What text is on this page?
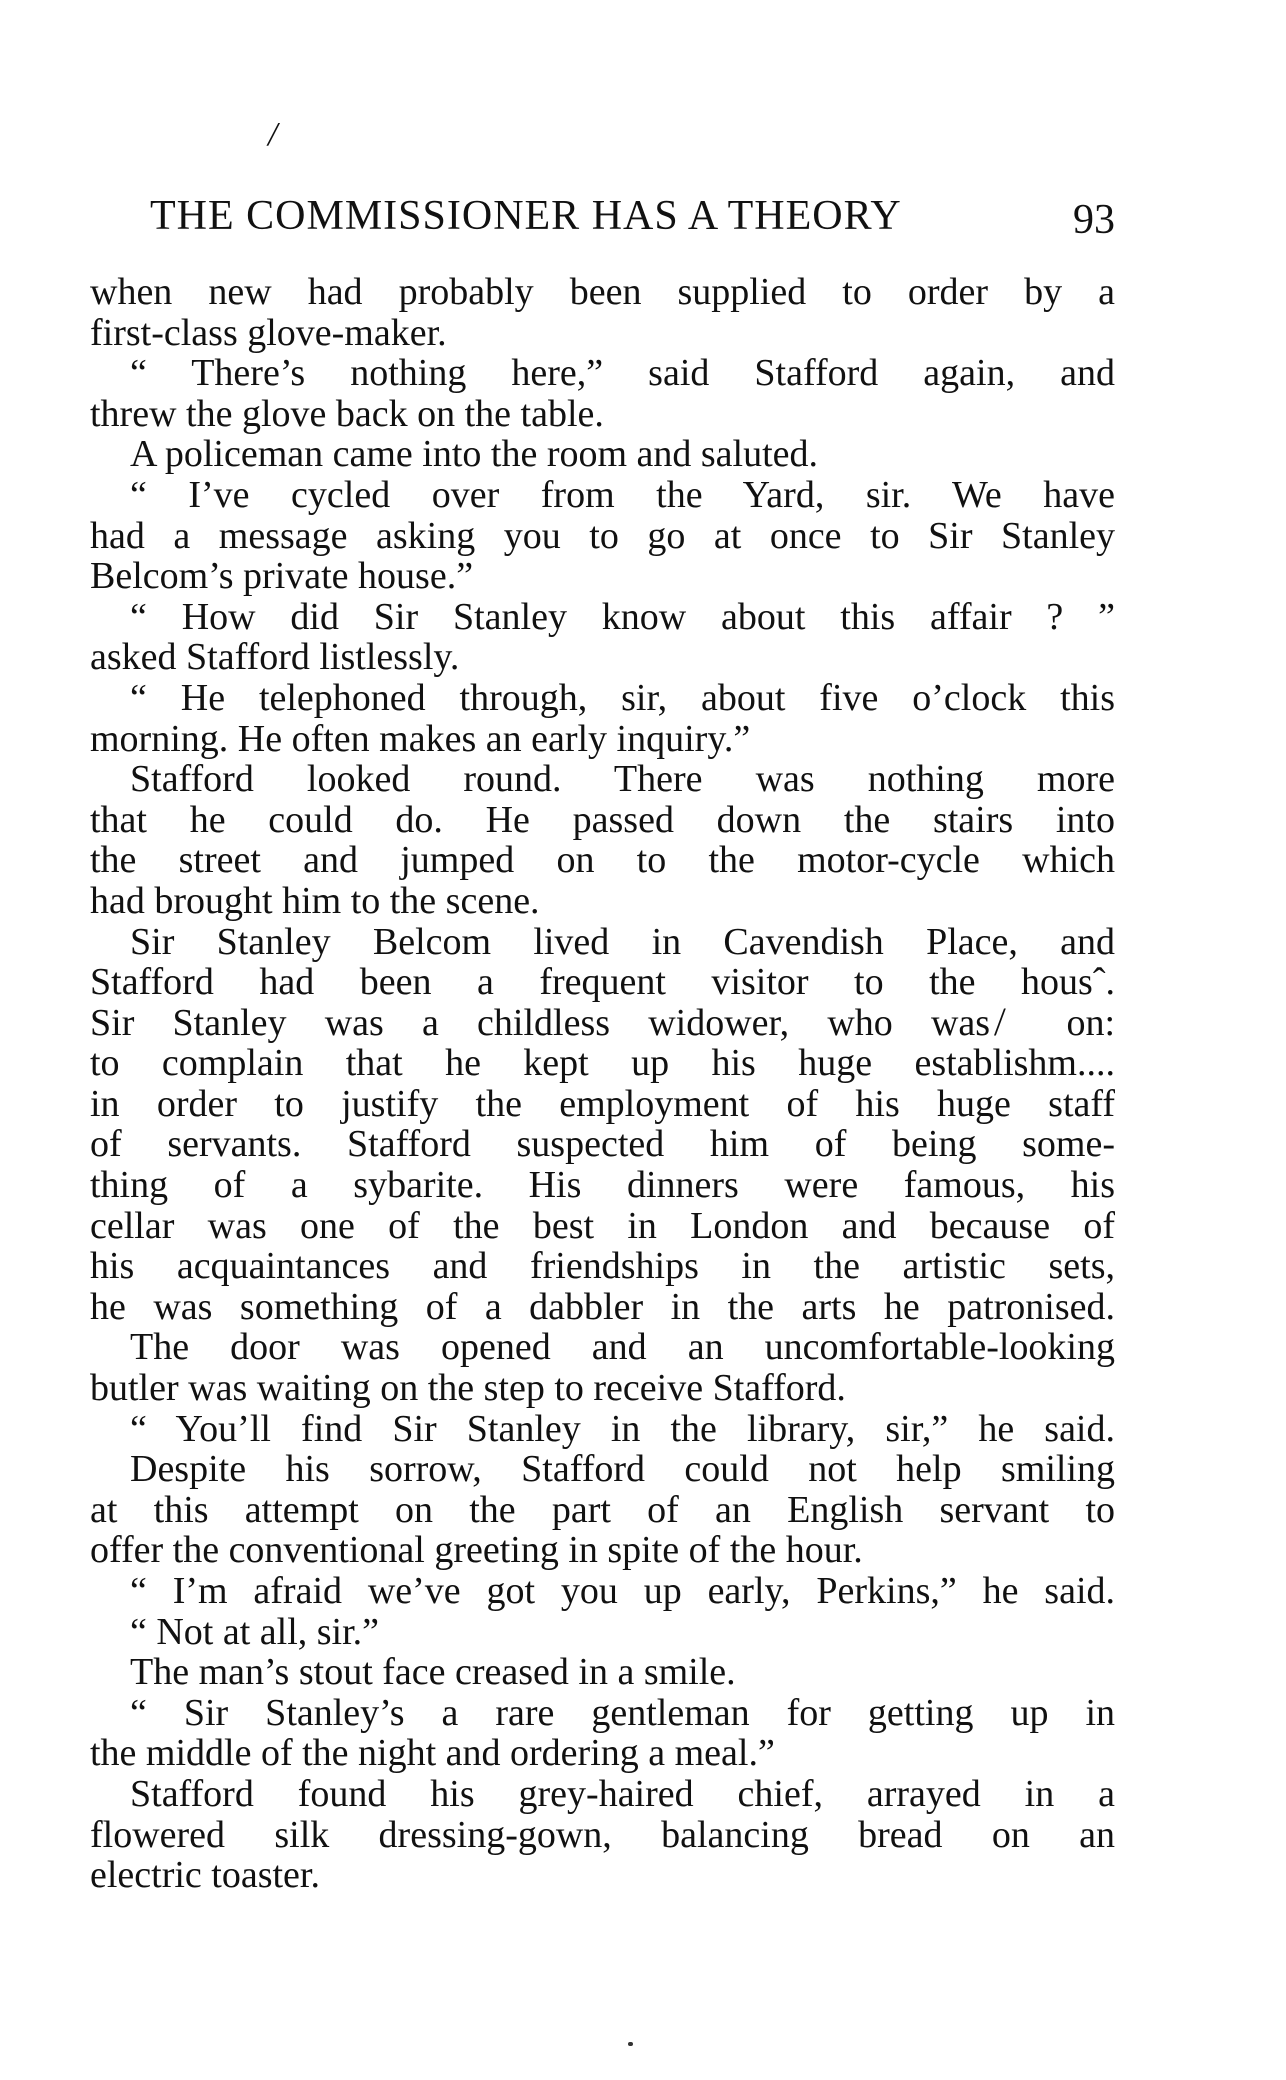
/
THE COMMISSIONER HAS A THEORY	93
when new had probably been supplied to order by a
first-class glove-maker.
“ There’s nothing here,” said Stafford again, and
threw the glove back on the table.
A policeman came into the room and saluted.
“ I’ve cycled over from the Yard, sir. We have
had a message asking you to go at once to Sir Stanley
Belcom’s private house.”
“ How did Sir Stanley know about this affair ? ”
asked Stafford listlessly.
“ He telephoned through, sir, about five o’clock this
morning. He often makes an early inquiry.”
Stafford looked round. There was nothing more
that he could do. He passed down the stairs into
the street and jumped on to the motor-cycle which
had brought him to the scene.
Sir Stanley Belcom lived in Cavendish Place, and
Stafford had been a frequent visitor to the housˆ.
Sir Stanley was a childless widower, who was ̸ on:
to complain that he kept up his huge establishm....
in order to justify the employment of his huge staff
of servants. Stafford suspected him of being some-
thing of a sybarite. His dinners were famous, his
cellar was one of the best in London and because of
his acquaintances and friendships in the artistic sets,
he was something of a dabbler in the arts he patronised.
The door was opened and an uncomfortable-looking
butler was waiting on the step to receive Stafford.
“ You’ll find Sir Stanley in the library, sir,” he said.
Despite his sorrow, Stafford could not help smiling
at this attempt on the part of an English servant to
offer the conventional greeting in spite of the hour.
“ I’m afraid we’ve got you up early, Perkins,” he said.
“ Not at all, sir.”
The man’s stout face creased in a smile.
“ Sir Stanley’s a rare gentleman for getting up in
the middle of the night and ordering a meal.”
Stafford found his grey-haired chief, arrayed in a
flowered silk dressing-gown, balancing bread on an
electric toaster.
